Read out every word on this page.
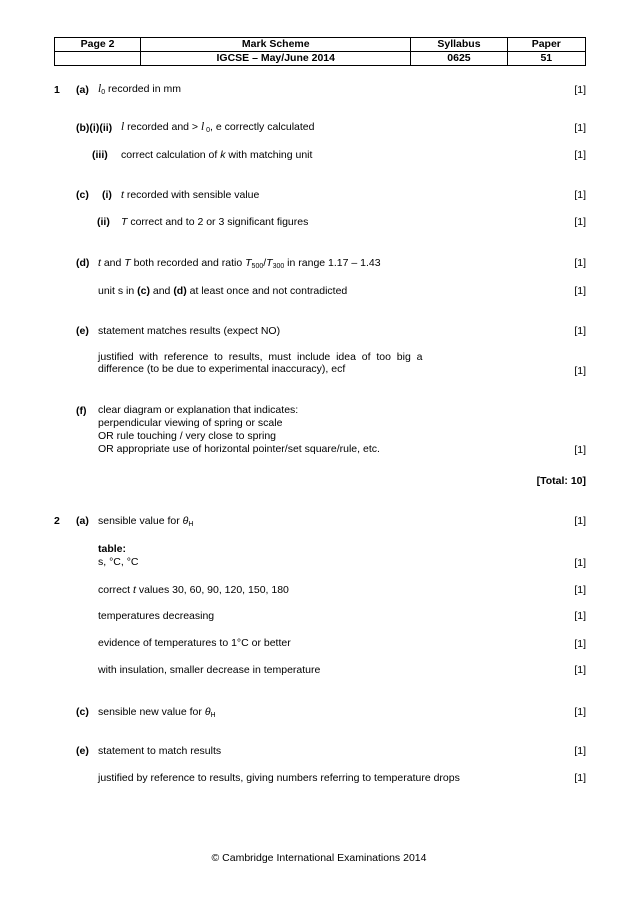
Page 2	Mark Scheme	Syllabus	Paper
	IGCSE – May/June 2014	0625	51
1 (a) $l_0$ recorded in mm	[1]
(b)(i)(ii) l recorded and > l $_0$, e correctly calculated	[1]
(iii) correct calculation of k with matching unit	[1]
(c) (i) t recorded with sensible value	[1]
(ii) T correct and to 2 or 3 significant figures	[1]
(d) t and T both recorded and ratio $T_{500}/T_{300}$ in range 1.17 – 1.43	[1]
unit s in (c) and (d) at least once and not contradicted	[1]
(e) statement matches results (expect NO)	[1]
justified  with  reference  to  results,  must  include  idea  of  too  big  a
difference (to be due to experimental inaccuracy), ecf	[1]
(f) clear diagram or explanation that indicates:
perpendicular viewing of spring or scale
OR rule touching / very close to spring
OR appropriate use of horizontal pointer/set square/rule, etc.	[1]
[Total: 10]
2 (a) sensible value for $\theta_H$	[1]
table:
s, °C, °C	[1]
correct t values 30, 60, 90, 120, 150, 180	[1]
temperatures decreasing	[1]
evidence of temperatures to 1°C or better	[1]
with insulation, smaller decrease in temperature	[1]
(c) sensible new value for $\theta_H$	[1]
(e) statement to match results	[1]
justified by reference to results, giving numbers referring to temperature drops	[1]
© Cambridge International Examinations 2014
